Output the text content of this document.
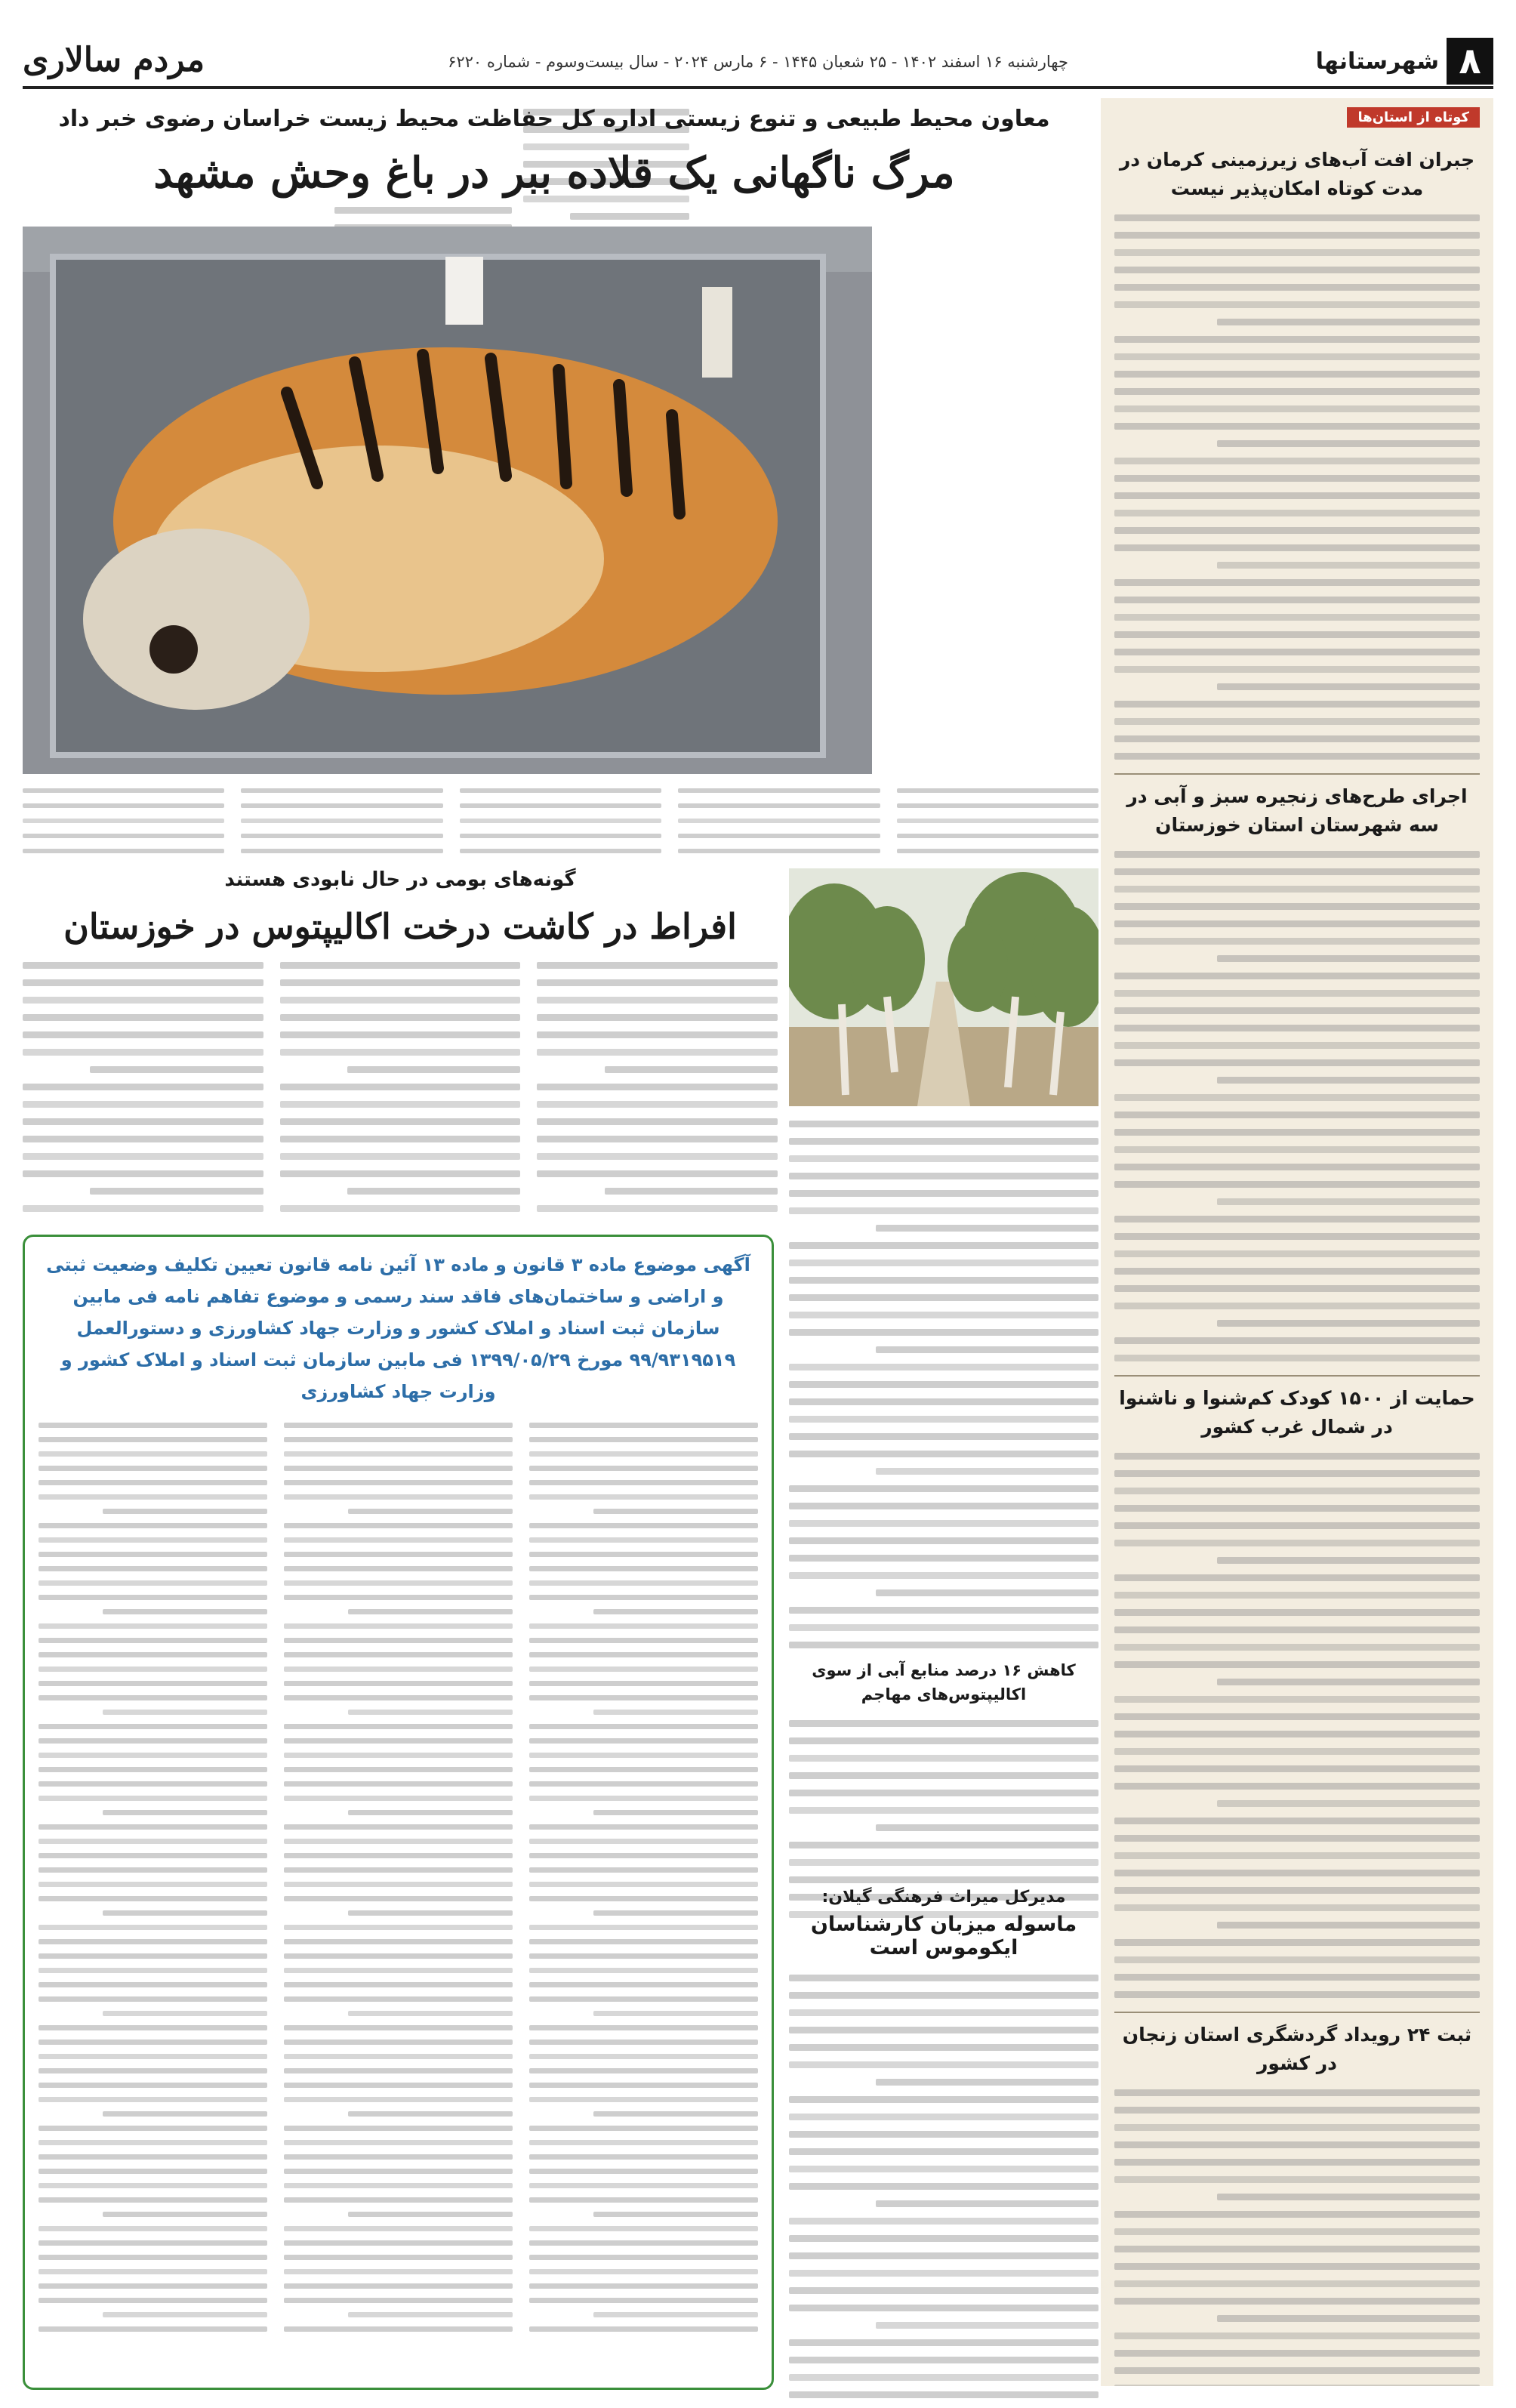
۸
شهرستانها
چهارشنبه ۱۶ اسفند ۱۴۰۲ - ۲۵ شعبان ۱۴۴۵ - ۶ مارس ۲۰۲۴ - سال بیست‌وسوم - شماره ۶۲۲۰
مردم سالاری
کوتاه از استان‌ها
جبران افت آب‌های زیرزمینی کرمان در مدت کوتاه امکان‌پذیر نیست
اجرای طرح‌های زنجیره سبز و آبی در سه شهرستان استان خوزستان
حمایت از ۱۵۰۰ کودک کم‌شنوا و ناشنوا در شمال غرب کشور
ثبت ۲۴ رویداد گردشگری استان زنجان در کشور
معاون محیط طبیعی و تنوع زیستی اداره کل حفاظت محیط زیست خراسان رضوی خبر داد
مرگ ناگهانی یک قلاده ببر در باغ وحش مشهد
گونه‌های بومی در حال نابودی هستند
افراط در کاشت درخت اکالیپتوس در خوزستان
کاهش ۱۶ درصد منابع آبی از سوی اکالیپتوس‌های مهاجم
آگهی موضوع ماده ۳ قانون و ماده ۱۳ آئین نامه قانون تعیین تکلیف وضعیت ثبتی و اراضی و ساختمان‌های فاقد سند رسمی و موضوع تفاهم نامه فی مابین سازمان ثبت اسناد و املاک کشور و وزارت جهاد کشاورزی و دستورالعمل ۹۹/۹۳۱۹۵۱۹ مورخ ۱۳۹۹/۰۵/۲۹ فی مابین سازمان ثبت اسناد و املاک کشور و وزارت جهاد کشاورزی
مدیرکل میراث فرهنگی گیلان:
ماسوله میزبان کارشناسان ایکوموس است
